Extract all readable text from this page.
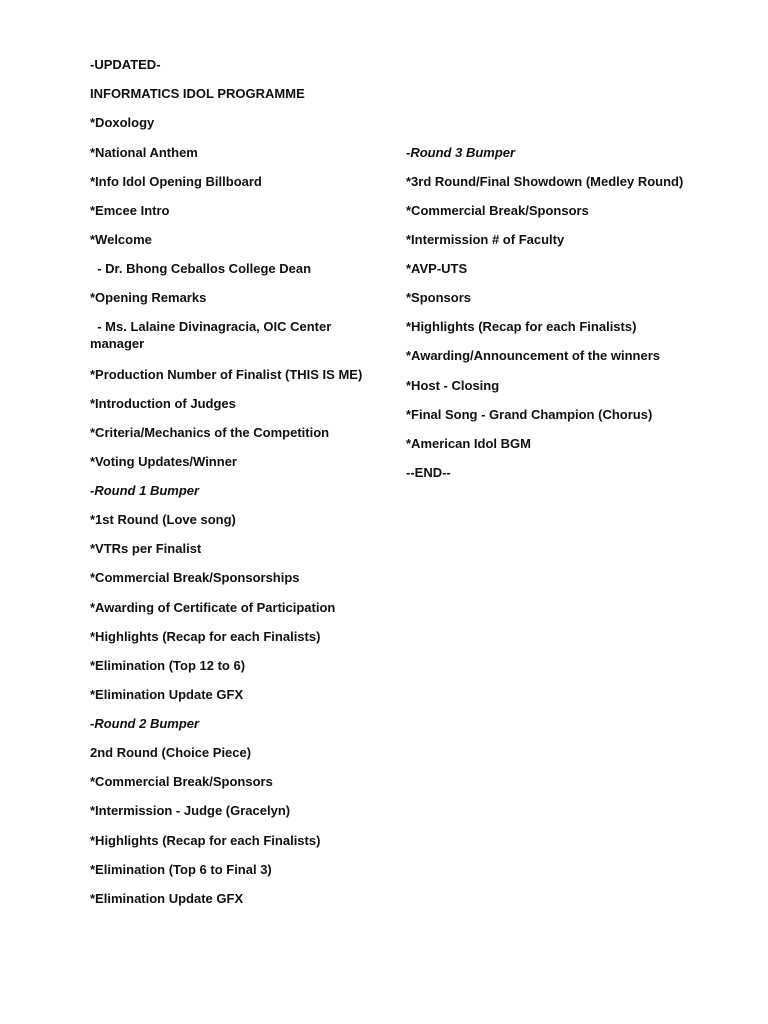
-UPDATED-
INFORMATICS IDOL PROGRAMME
*Doxology
*National Anthem
*Info Idol Opening Billboard
*Emcee Intro
*Welcome
- Dr. Bhong Ceballos College Dean
*Opening Remarks
- Ms. Lalaine Divinagracia, OIC Center manager
*Production Number of Finalist (THIS IS ME)
*Introduction of Judges
*Criteria/Mechanics of the Competition
*Voting Updates/Winner
-Round 1 Bumper
*1st Round (Love song)
*VTRs per Finalist
*Commercial Break/Sponsorships
*Awarding of Certificate of Participation
*Highlights (Recap for each Finalists)
*Elimination (Top 12 to 6)
*Elimination Update GFX
-Round 2 Bumper
2nd Round (Choice Piece)
*Commercial Break/Sponsors
*Intermission - Judge (Gracelyn)
*Highlights (Recap for each Finalists)
*Elimination (Top 6 to Final 3)
*Elimination Update GFX
-Round 3 Bumper
*3rd Round/Final Showdown (Medley Round)
*Commercial Break/Sponsors
*Intermission # of Faculty
*AVP-UTS
*Sponsors
*Highlights (Recap for each Finalists)
*Awarding/Announcement of the winners
*Host - Closing
*Final Song - Grand Champion (Chorus)
*American Idol BGM
--END--
